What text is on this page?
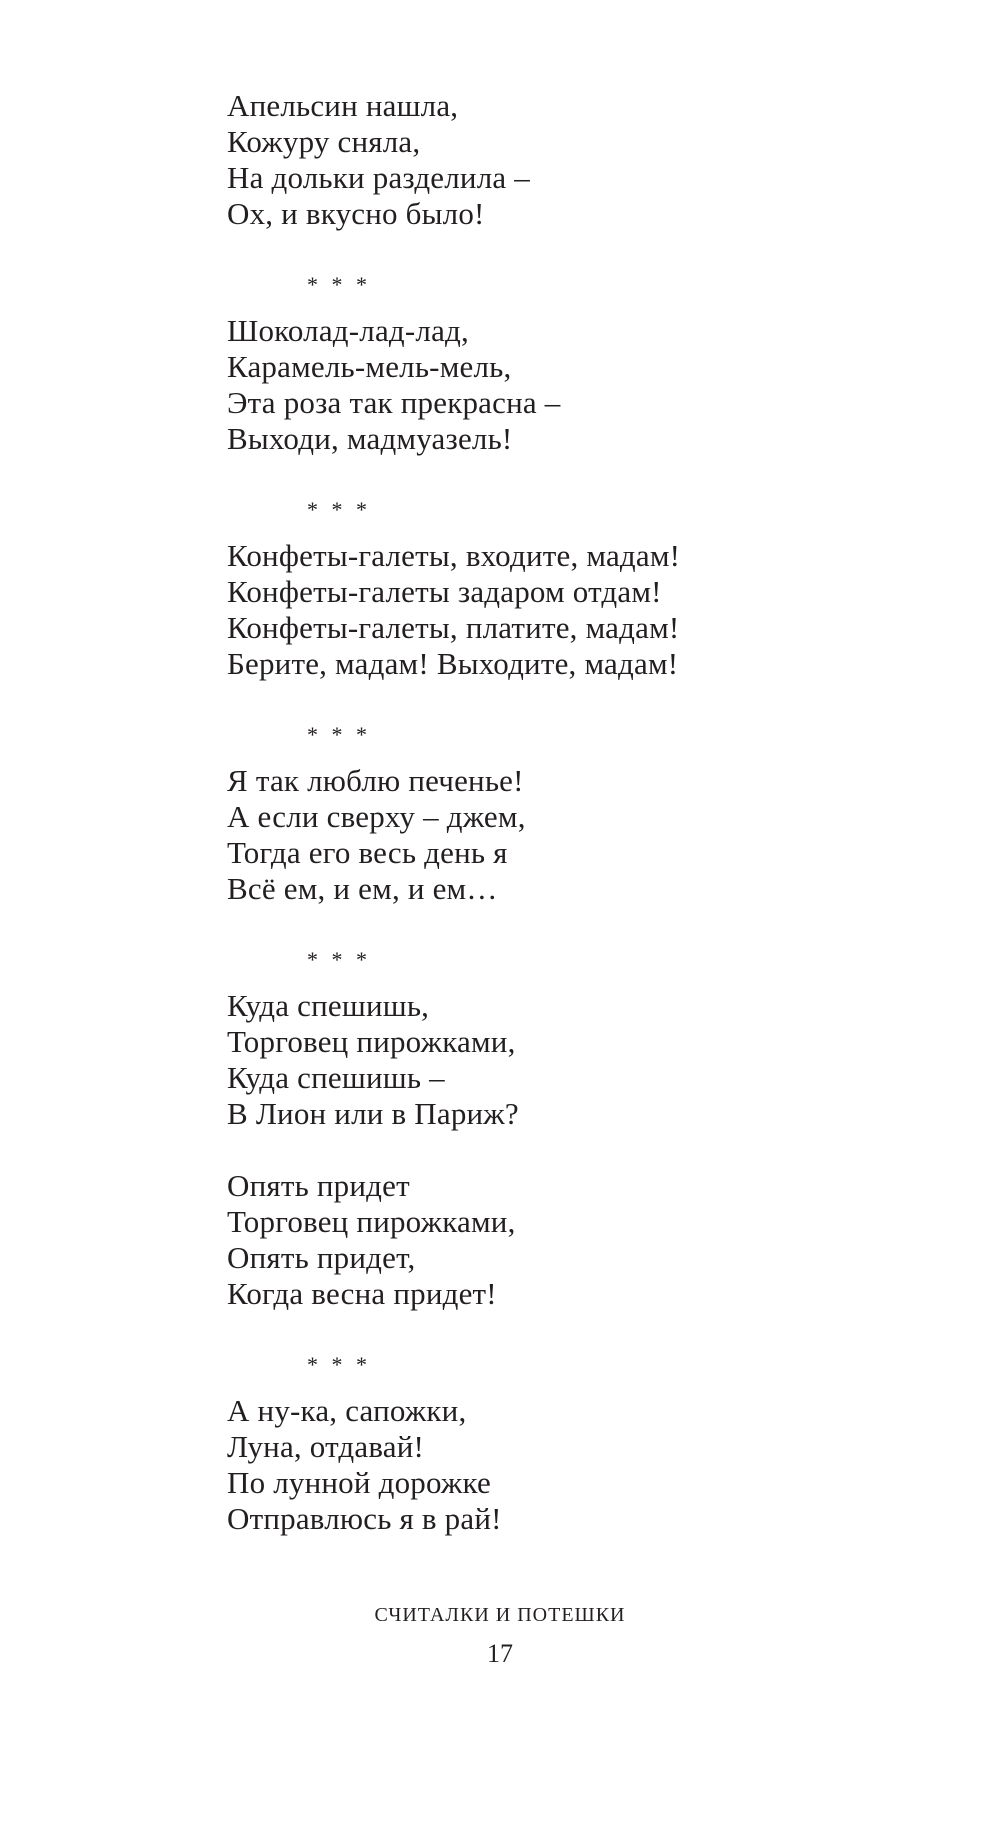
Апельсин нашла,
Кожуру сняла,
На дольки разделила –
Ох, и вкусно было!
* * *
Шоколад-лад-лад,
Карамель-мель-мель,
Эта роза так прекрасна –
Выходи, мадмуазель!
* * *
Конфеты-галеты, входите, мадам!
Конфеты-галеты задаром отдам!
Конфеты-галеты, платите, мадам!
Берите, мадам! Выходите, мадам!
* * *
Я так люблю печенье!
А если сверху – джем,
Тогда его весь день я
Всё ем, и ем, и ем…
* * *
Куда спешишь,
Торговец пирожками,
Куда спешишь –
В Лион или в Париж?
Опять придет
Торговец пирожками,
Опять придет,
Когда весна придет!
* * *
А ну-ка, сапожки,
Луна, отдавай!
По лунной дорожке
Отправлюсь я в рай!
СЧИТАЛКИ И ПОТЕШКИ
17
